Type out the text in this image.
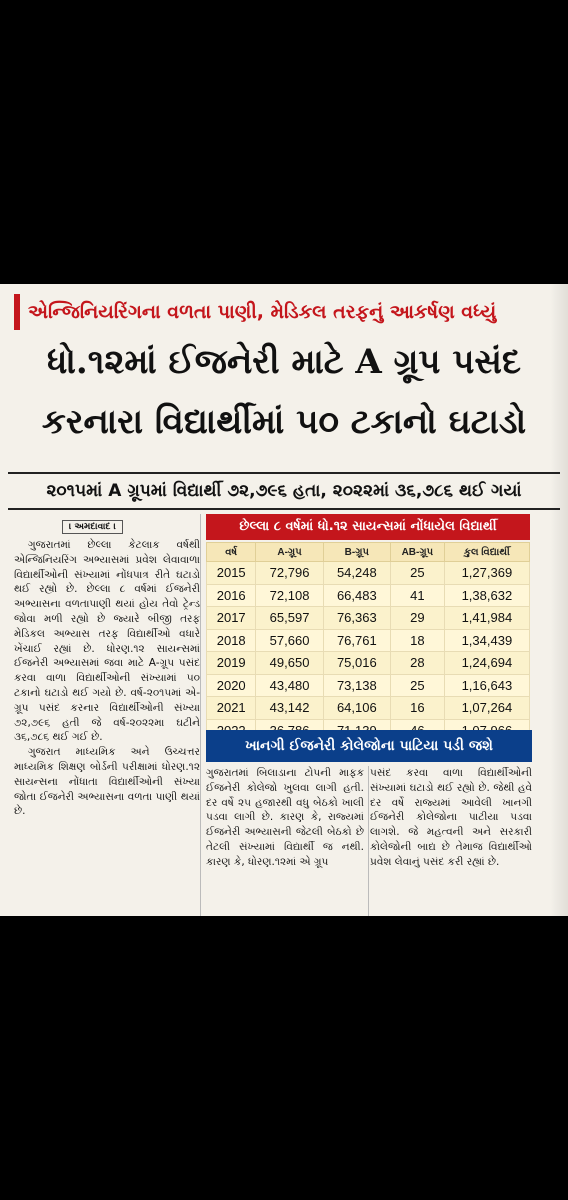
એન્જિનિયરિંગના વળતા પાણી, મેડિકલ તરફનું આકર્ષણ વધ્યું
ધો.૧૨માં ઈજનેરી માટે A ગ્રૂપ પસંદ
કરનારા વિદ્યાર્થીમાં ૫૦ ટકાનો ઘટાડો
૨૦૧૫માં A ગ્રૂપમાં વિદ્યાર્થી ૭૨,૭૯૬ હતા, ૨૦૨૨માં ૩૬,૭૮૬ થઈ ગયાં
। અમદાવાદ ।

ગુજરાતમાં છેલ્લા કેટલાક વર્ષથી એન્જિનિયરિંગ અભ્યાસમાં પ્રવેશ લેવાવાળા વિદ્યાર્થીઓની સંખ્યામાં નોંધપાત્ર રીતે ઘટાડો થઈ રહ્યો છે. છેલ્લા ૮ વર્ષમાં ઈજનેરી અભ્યાસના વળતાપાણી થયાં હોય તેવો ટ્રેન્ડ જોવા મળી રહ્યો છે જ્યારે બીજી તરફ મેડિકલ અભ્યાસ તરફ વિદ્યાર્થીઓ વધારે ખેંચાઈ રહ્યાં છે. ધોરણ.૧૨ સાયન્સમાં ઈજનેરી અભ્યાસમાં જવા માટે A-ગ્રૂપ પસંદ કરવા વાળા વિદ્યાર્થીઓની સંખ્યામાં ૫૦ ટકાનો ઘટાડો થઈ ગયો છે. વર્ષ-૨૦૧૫માં એ-ગ્રૂપ પસંદ કરનાર વિદ્યાર્થીઓની સંખ્યા ૭૨,૭૯૬ હતી જે વર્ષ-૨૦૨૨મા ઘટીને ૩૬,૭૮૬ થઈ ગઈ છે.

ગુજરાત માધ્યમિક અને ઉચ્ચત્તર માધ્યમિક શિક્ષણ બોર્ડની પરીક્ષામાં ધોરણ.૧૨ સાયન્સના નોંધાતા વિદ્યાર્થીઓની સંખ્યા જોતા ઈજનેરી અભ્યાસના વળતા પાણી થયાં છે.

છેલ્લા ૮ વર્ષમાં ધો.૧૨ સાયન્સમાં નોંધાયેલ વિદ્યાર્થી
વર્ષ	A-ગ્રૂપ	B-ગ્રૂપ	AB-ગ્રૂપ	કુલ વિદ્યાર્થી
2015	72,796	54,248	25	1,27,369
2016	72,108	66,483	41	1,38,632
2017	65,597	76,363	29	1,41,984
2018	57,660	76,761	18	1,34,439
2019	49,650	75,016	28	1,24,694
2020	43,480	73,138	25	1,16,643
2021	43,142	64,106	16	1,07,264

ખાનગી ઈજનેરી કોલેજોના પાટિયા પડી જશે

ગુજરાતમાં બિલાડાના ટોપની માફક ઈજનેરી કોલેજો ખુલવા લાગી હતી. દર વર્ષે ૨૫ હજારથી વધુ બેઠકો ખાલી પડવા લાગી છે. કારણ કે, રાજ્યમાં ઈજનેરી અભ્યાસની જેટલી બેઠકો છે તેટલી સંખ્યામાં વિદ્યાર્થી જ નથી. કારણ કે, ધોરણ.૧૨માં એ ગ્રૂપ

પસંદ કરવા વાળા વિદ્યાર્થીઓની સંખ્યામાં ઘટાડો થઈ રહ્યો છે. જેથી હવે દર વર્ષે રાજ્યમાં આવેલી ખાનગી ઈજનેરી કોલેજોના પાટીયા પડવા લાગશે. જે મહત્વની અને સરકારી કોલેજોની બાદ્ય છે તેમાજ વિદ્યાર્થીઓ પ્રવેશ લેવાનું પસંદ કરી રહ્યાં છે.
